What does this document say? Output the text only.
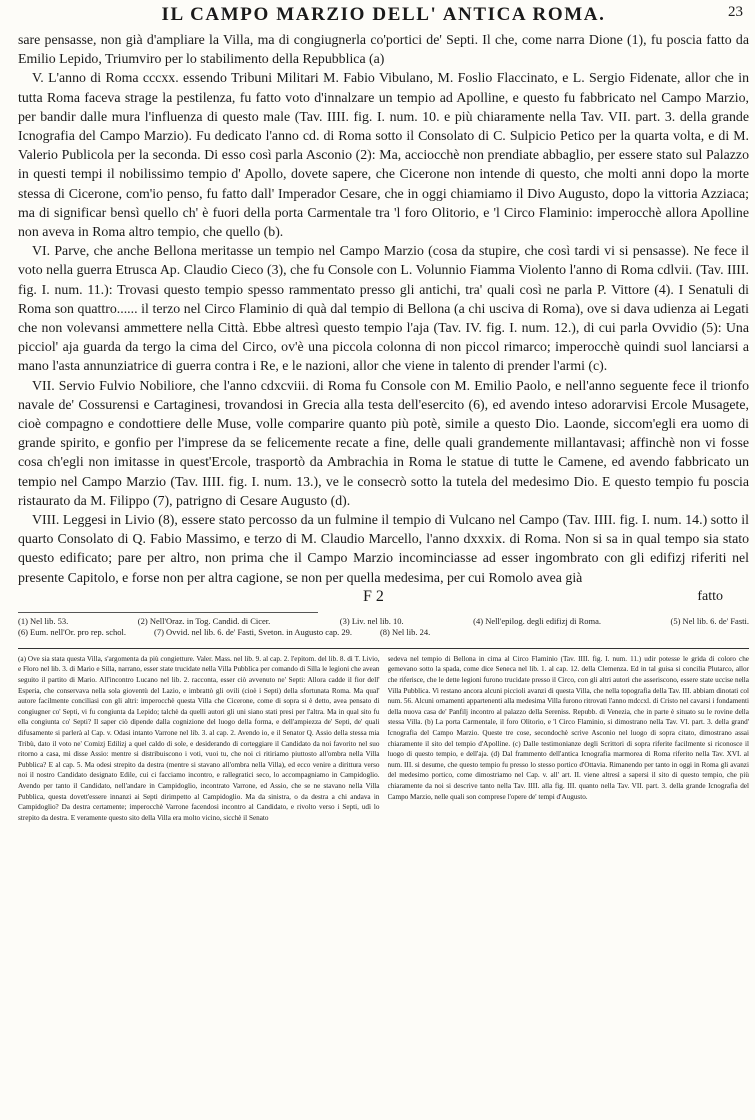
IL CAMPO MARZIO DELL' ANTICA ROMA.	23

sare pensasse, non già d'ampliare la Villa, ma di congiugnerla co'portici de' Septi. Il che, come narra Dione (1), fu poscia fatto da Emilio Lepido, Triumviro per lo stabilimento della Repubblica (a)

V. L'anno di Roma cccxx. essendo Tribuni Militari M. Fabio Vibulano, M. Foslio Flaccinato, e L. Sergio Fidenate, allor che in tutta Roma faceva strage la pestilenza, fu fatto voto d'innalzare un tempio ad Apolline, e questo fu fabbricato nel Campo Marzio, per bandir dalle mura l'influenza di questo male (Tav. IIII. fig. I. num. 10. e più chiaramente nella Tav. VII. part. 3. della grande Icnografia del Campo Marzio). Fu dedicato l'anno cd. di Roma sotto il Consolato di C. Sulpicio Petico per la quarta volta, e di M. Valerio Publicola per la seconda. Di esso così parla Asconio (2): Ma, acciocchè non prendiate abbaglio, per essere stato sul Palazzo in questi tempi il nobilissimo tempio d' Apollo, dovete sapere, che Cicerone non intende di questo, che molti anni dopo la morte stessa di Cicerone, com'io penso, fu fatto dall' Imperador Cesare, che in oggi chiamiamo il Divo Augusto, dopo la vittoria Azziaca; ma di significar bensì quello ch' è fuori della porta Carmentale tra 'l foro Olitorio, e 'l Circo Flaminio: imperocchè allora Apolline non aveva in Roma altro tempio, che quello (b).

VI. Parve, che anche Bellona meritasse un tempio nel Campo Marzio (cosa da stupire, che così tardi vi si pensasse). Ne fece il voto nella guerra Etrusca Ap. Claudio Cieco (3), che fu Console con L. Volunnio Fiamma Violento l'anno di Roma cdlvii. (Tav. IIII. fig. I. num. 11.): Trovasi questo tempio spesso rammentato presso gli antichi, tra' quali così ne parla P. Vittore (4). I Senatuli di Roma son quattro...... il terzo nel Circo Flaminio di quà dal tempio di Bellona (a chi usciva di Roma), ove si dava udienza ai Legati che non volevansi ammettere nella Città. Ebbe altresì questo tempio l'aja (Tav. IV. fig. I. num. 12.), di cui parla Ovvidio (5): Una picciol' aja guarda da tergo la cima del Circo, ov'è una piccola colonna di non piccol rimarco; imperocchè quindi suol lanciarsi a mano l'asta annunziatrice di guerra contra i Re, e le nazioni, allor che viene in talento di prender l'armi (c).

VII. Servio Fulvio Nobiliore, che l'anno cdxcviii. di Roma fu Console con M. Emilio Paolo, e nell'anno seguente fece il trionfo navale de' Cossurensi e Cartaginesi, trovandosi in Grecia alla testa dell'esercito (6), ed avendo inteso adorarvisi Ercole Musagete, cioè compagno e condottiere delle Muse, volle comparire quanto più potè, simile a questo Dio. Laonde, siccom'egli era uomo di grande spirito, e gonfio per l'imprese da se felicemente recate a fine, delle quali grandemente millantavasi; affinchè non vi fosse cosa ch'egli non imitasse in quest'Ercole, trasportò da Ambrachia in Roma le statue di tutte le Camene, ed avendo fabbricato un tempio nel Campo Marzio (Tav. IIII. fig. I. num. 13.), ve le consecrò sotto la tutela del medesimo Dio. E questo tempio fu poscia ristaurato da M. Filippo (7), patrigno di Cesare Augusto (d).

VIII. Leggesi in Livio (8), essere stato percosso da un fulmine il tempio di Vulcano nel Campo (Tav. IIII. fig. I. num. 14.) sotto il quarto Consolato di Q. Fabio Massimo, e terzo di M. Claudio Marcello, l'anno dxxxix. di Roma. Non si sa in qual tempo sia stato questo edificato; pare per altro, non prima che il Campo Marzio incominciasse ad esser ingombrato con gli edifizj riferiti nel presente Capitolo, e forse non per altra cagione, se non per quella medesima, per cui Romolo avea già

F 2	fatto
(1) Nel lib. 53.	(2) Nell'Oraz. in Tog. Candid. di Cicer.	(3) Liv. nel lib. 10.	(4) Nell'epilog. degli edifizj di Roma.	(5) Nel lib. 6. de' Fasti.
(6) Eum. nell'Or. pro rep. schol.	(7) Ovvid. nel lib. 6. de' Fasti, Sveton. in Augusto cap. 29.	(8) Nel lib. 24.

(a) Ove sia stata questa Villa, s'argomenta da più congietture. Valer. Mass. nel lib. 9. al cap. 2. l'epitom. del lib. 8. di T. Livio, e Floro nel lib. 3. di Mario e Silla, narrano, esser state trucidate nella Villa Pubblica per comando di Silla le legioni che avean seguito il partito di Mario. All'incontro Lucano nel lib. 2. racconta, esser ciò avvenuto ne' Septi: Allora cadde il fior dell' Esperia, che conservava nella sola gioventù del Lazio, e imbrattò gli ovili (cioè i Septi) della sfortunata Roma. Ma qual' autore facilmente conciliasi con gli altri: imperocchè questa Villa che Cicerone, come di sopra si è detto, avea pensato di congiugner co' Septi, vi fu congiunta da Lepido; talchè da quelli autori gli uni siano stati presi per l'altra. Ma in qual sito fu ella congiunta co' Septi? Il saper ciò dipende dalla cognizione del luogo della forma, e dell'ampiezza de' Septi, de' quali difusamente si parlerà al Cap. v. Odasi intanto Varrone nel lib. 3. al cap. 2. Avendo io, e il Senator Q. Assio della stessa mia Tribù, dato il voto ne' Comizj Edilizj a quel caldo di sole, e desiderando di corteggiare il Candidato da noi favorito nel suo ritorno a casa, mi disse Assio: mentre si distribuiscono i voti, vuoi tu, che noi ci ritiriamo piuttosto all'ombra nella Villa Pubblica? E al cap. 5. Ma odesi strepito da destra (mentre si stavano all'ombra nella Villa), ed ecco venire a dirittura verso noi il nostro Candidato designato Edile, cui ci facciamo incontro, e rallegratici seco, lo accompagniamo in Campidoglio. Avendo per tanto il Candidato, nell'andare in Campidoglio, incontrato Varrone, ed Assio, che se ne stavano nella Villa Pubblica, questa dovett'essere innanzi ai Septi dirimpetto al Campidoglio. Ma da sinistra, o da destra a chi andava in Campidoglio? Da destra certamente; imperocchè Varrone facendosi incontro al Candidato, e rivolto verso i Septi, udì lo strepito da destra. E veramente questo sito della Villa era molto vicino, sicchè il Senato

sedeva nel tempio di Bellona in cima al Circo Flaminio (Tav. IIII. fig. I. num. 11.) udir potesse le grida di coloro che gemevano sotto la spada, come dice Seneca nel lib. 1. al cap. 12. della Clemenza. Ed in tal guisa si concilia Plutarco, allor che riferisce, che le dette legioni furono trucidate presso il Circo, con gli altri autori che asseriscono, essere state uccise nella Villa Pubblica. Vi restano ancora alcuni piccioli avanzi di questa Villa, che nella topografia della Tav. III. abbiam dinotati col num. 56. Alcuni ornamenti appartenenti alla medesima Villa furono ritrovati l'anno mdccxl. di Cristo nel cavarsi i fondamenti della nuova casa de' Panfilj incontro al palazzo della Sereniss. Repubb. di Venezia, che in parte è situato su le rovine della stessa Villa. (b) La porta Carmentale, il foro Olitorio, e 'l Circo Flaminio, si dimostrano nella Tav. VI. part. 3. della grand' Icnografia del Campo Marzio. Queste tre cose, secondochè scrive Asconio nel luogo di sopra citato, dimostrano assai chiaramente il sito del tempio d'Apolline. (c) Dalle testimonianze degli Scrittori di sopra riferite facilmente si riconosce il luogo di questo tempio, e dell'aja. (d) Dal frammento dell'antica Icnografia marmorea di Roma riferito nella Tav. XVI. al num. III. si desume, che questo tempio fu presso lo stesso portico d'Ottavia. Rimanendo per tanto in oggi in Roma gli avanzi del medesimo portico, come dimostriamo nel Cap. v. all' art. II. viene altresì a sapersi il sito di questo tempio, che più chiaramente da noi si descrive tanto nella Tav. IIII. alla fig. III. quanto nella Tav. VII. part. 3. della grande Icnografia del Campo Marzio, nelle quali son comprese l'opere de' tempi d'Augusto.
